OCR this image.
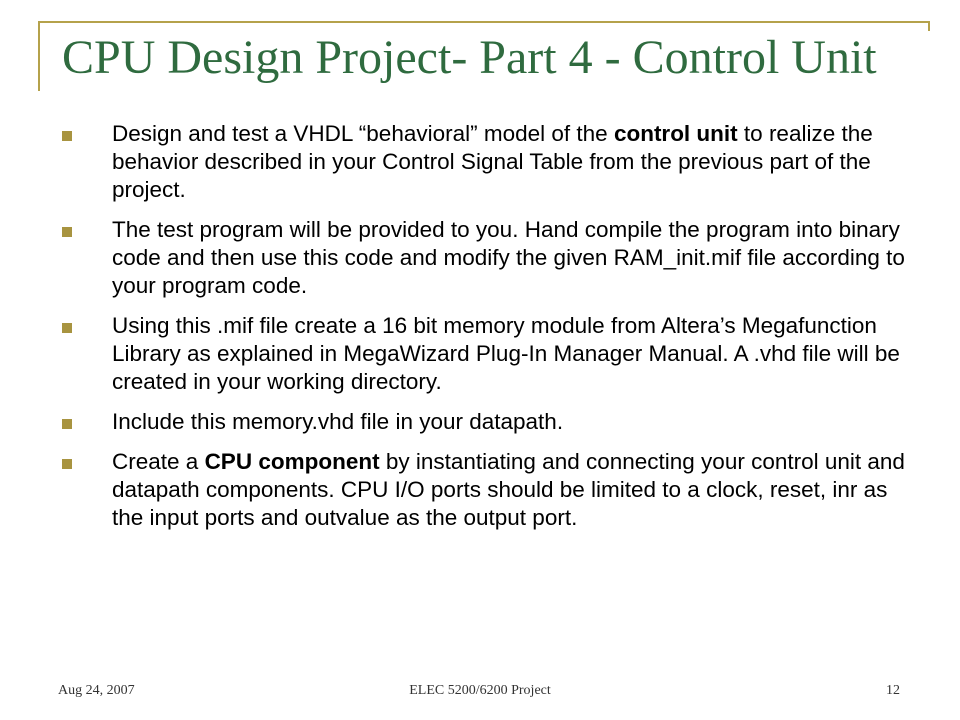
CPU Design Project- Part 4 - Control Unit
Design and test a VHDL “behavioral” model of the control unit to realize the behavior described in your Control Signal Table from the previous part of the project.
The test program will be provided to you. Hand compile the program into binary code and then use this code and modify the given RAM_init.mif file according to your program code.
Using this .mif file create a 16 bit memory module from Altera’s Megafunction Library as explained in MegaWizard Plug-In Manager Manual. A .vhd file will be created in your working directory.
Include this memory.vhd file in your datapath.
Create a CPU component by instantiating and connecting your control unit and datapath components. CPU I/O ports should be limited to a clock, reset, inr as the input ports and outvalue as the output port.
Aug 24, 2007	ELEC 5200/6200 Project	12
